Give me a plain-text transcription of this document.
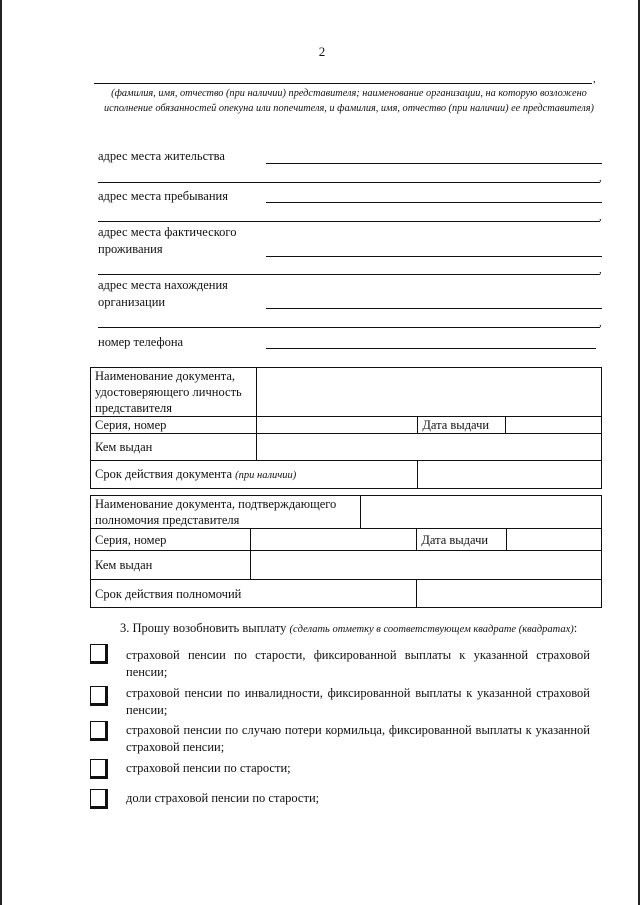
2
,
(фамилия, имя, отчество (при наличии) представителя; наименование организации, на которую возложено исполнение обязанностей опекуна или попечителя, и фамилия, имя, отчество (при наличии) ее представителя)
адрес места жительства
,
адрес места пребывания
,
адрес места фактического
проживания
,
адрес места нахождения
организации
,
номер телефона
Наименование документа, удостоверяющего личность представителя			
Серия, номер		Дата выдачи	
Кем выдан			
Срок действия документа (при наличии)			
Наименование документа, подтверждающего полномочия представителя				
Серия, номер			Дата выдачи	
Кем выдан				
Срок действия полномочий				
3. Прошу возобновить выплату (сделать отметку в соответствующем квадрате (квадратах):
страховой пенсии по старости, фиксированной выплаты к указанной страховой пенсии;
страховой пенсии по инвалидности, фиксированной выплаты к указанной страховой пенсии;
страховой пенсии по случаю потери кормильца, фиксированной выплаты к указанной страховой пенсии;
страховой пенсии по старости;
доли страховой пенсии по старости;
